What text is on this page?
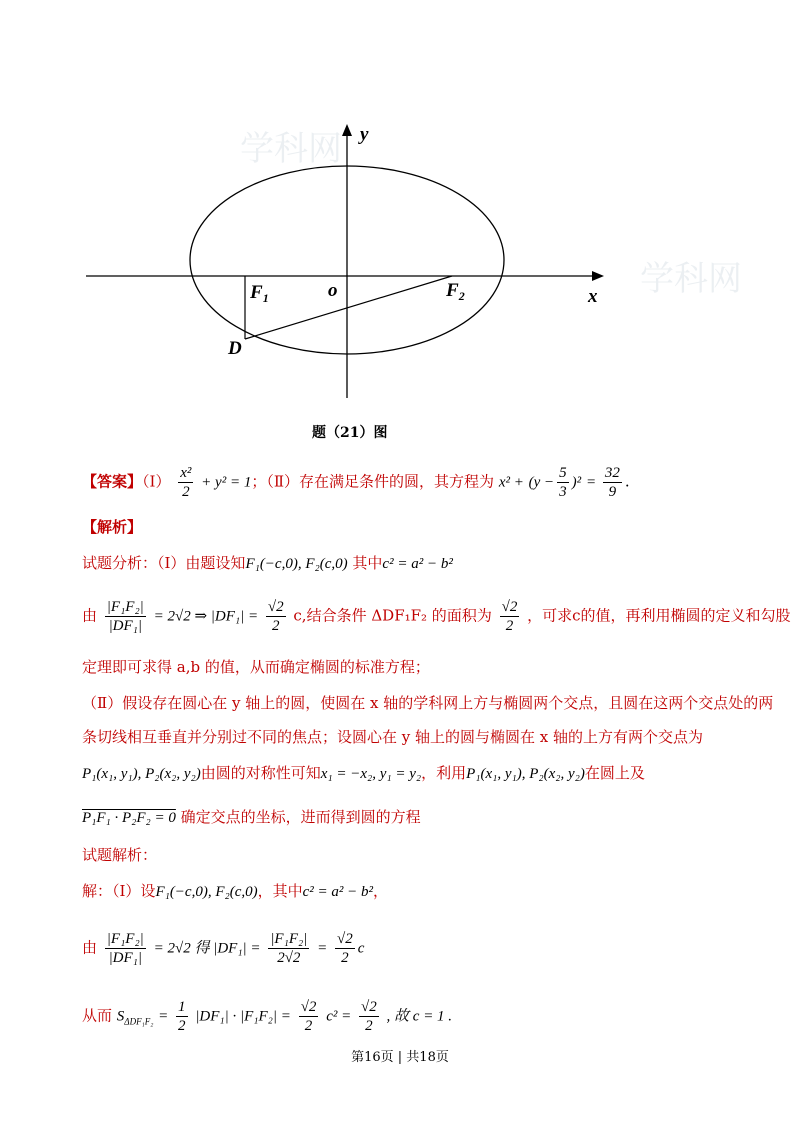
学科网
学科网
y
x
o
$F_1$	$F_2$
D
题（21）图
【答案】（Ⅰ） $\frac{\text{x²}}{2} + y^2 = 1$；（Ⅱ）存在满足条件的圆，其方程为 $x^2 + (y - \frac{5}{3} )^2 = \frac{32}{9}$ .
【解析】
试题分析：（Ⅰ）由题设知F₁(−c,0), F₂(c,0) 其中c² = a² − b²
由 $\frac{\text{|F₁F₂|}}{\text{|DF₁|}} = 2√2$ ⇒ $|DF_1| = \frac{√2}{2} c$,结合条件 ΔDF₁F₂ 的面积为 $\frac{√2}{2}$ ，可求c的值，再利用椭圆的定义和勾股
定理即可求得 a,b 的值，从而确定椭圆的标准方程；
（Ⅱ）假设存在圆心在 y 轴上的圆，使圆在 x 轴的学科网上方与椭圆两个交点，且圆在这两个交点处的两
条切线相互垂直并分别过不同的焦点；设圆心在 y 轴上的圆与椭圆在 x 轴的上方有两个交点为
P₁(x₁, y₁), P₂(x₂, y₂)由圆的对称性可知x₁ = −x₂, y₁ = y₂，利用P₁(x₁, y₁), P₂(x₂, y₂)在圆上及
P₁F₁ · P₂F₂ = 0 确定交点的坐标，进而得到圆的方程
试题解析：
解：（Ⅰ）设F₁(−c,0), F₂(c,0)，其中c² = a² − b²，
由 $\frac{\text{|F₁F₂|}}{\text{|DF₁|}} = 2√2$ 得 $|DF_1| = \frac{\text{|F₁F₂|}}{2√2} = \frac{√2}{2}$ c
从而 $S_{\Delta DF_1F_2} = \frac{1}{2} |DF_1| \cdot |F_1F_2| = \frac{√2}{2} c^2 = \frac{√2}{2}$ , 故 c = 1 .
第16页 | 共18页
